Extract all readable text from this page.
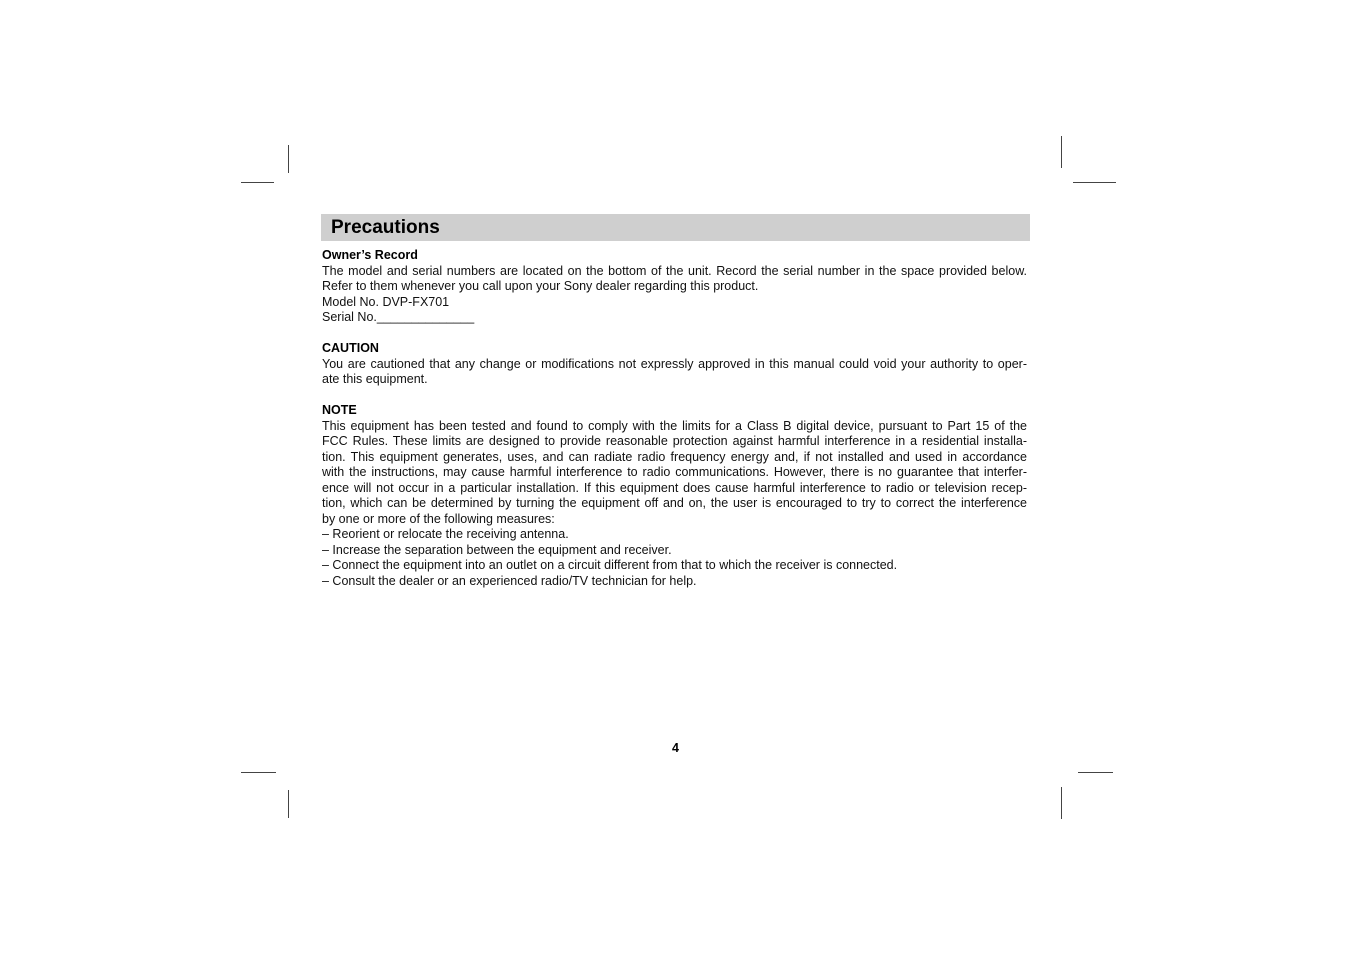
Precautions
Owner’s Record
The model and serial numbers are located on the bottom of the unit. Record the serial number in the space provided below.
Refer to them whenever you call upon your Sony dealer regarding this product.
Model No. DVP-FX701
Serial No.______________
CAUTION
You are cautioned that any change or modifications not expressly approved in this manual could void your authority to oper-
ate this equipment.
NOTE
This equipment has been tested and found to comply with the limits for a Class B digital device, pursuant to Part 15 of the
FCC Rules. These limits are designed to provide reasonable protection against harmful interference in a residential installa-
tion. This equipment generates, uses, and can radiate radio frequency energy and, if not installed and used in accordance
with the instructions, may cause harmful interference to radio communications. However, there is no guarantee that interfer-
ence will not occur in a particular installation. If this equipment does cause harmful interference to radio or television recep-
tion, which can be determined by turning the equipment off and on, the user is encouraged to try to correct the interference
by one or more of the following measures:
– Reorient or relocate the receiving antenna.
– Increase the separation between the equipment and receiver.
– Connect the equipment into an outlet on a circuit different from that to which the receiver is connected.
– Consult the dealer or an experienced radio/TV technician for help.
4
